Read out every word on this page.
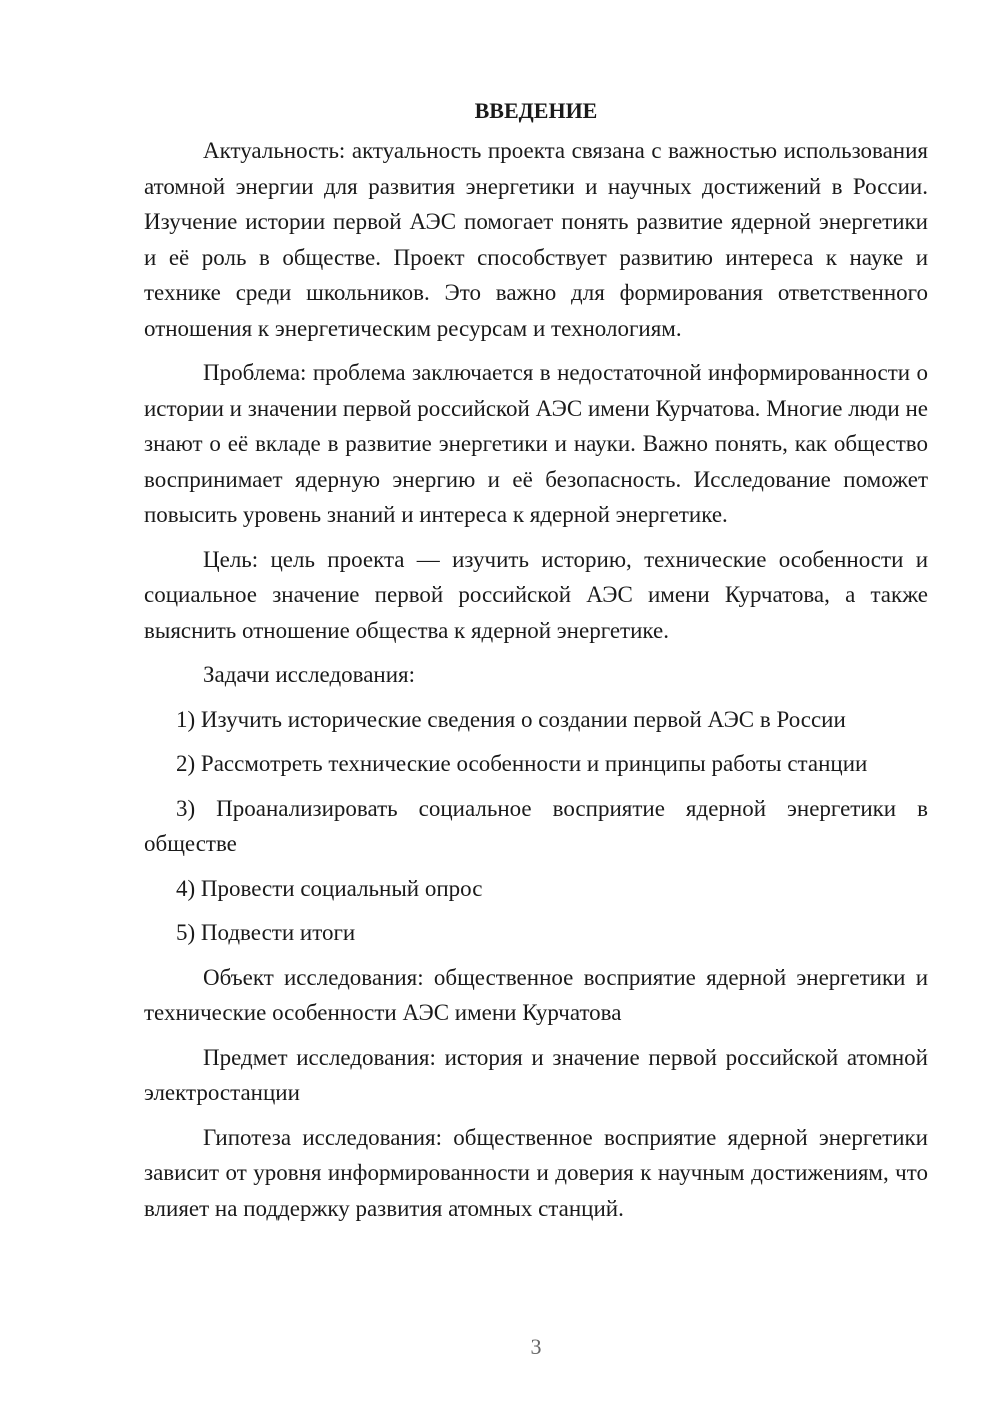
ВВЕДЕНИЕ

Актуальность: актуальность проекта связана с важностью использования атомной энергии для развития энергетики и научных достижений в России. Изучение истории первой АЭС помогает понять развитие ядерной энергетики и её роль в обществе. Проект способствует развитию интереса к науке и технике среди школьников. Это важно для формирования ответственного отношения к энергетическим ресурсам и технологиям.

Проблема: проблема заключается в недостаточной информированности о истории и значении первой российской АЭС имени Курчатова. Многие люди не знают о её вкладе в развитие энергетики и науки. Важно понять, как общество воспринимает ядерную энергию и её безопасность. Исследование поможет повысить уровень знаний и интереса к ядерной энергетике.

Цель: цель проекта — изучить историю, технические особенности и социальное значение первой российской АЭС имени Курчатова, а также выяснить отношение общества к ядерной энергетике.

Задачи исследования:

1) Изучить исторические сведения о создании первой АЭС в России

2) Рассмотреть технические особенности и принципы работы станции

3) Проанализировать социальное восприятие ядерной энергетики в обществе

4) Провести социальный опрос

5) Подвести итоги

Объект исследования: общественное восприятие ядерной энергетики и технические особенности АЭС имени Курчатова

Предмет исследования: история и значение первой российской атомной электростанции

Гипотеза исследования: общественное восприятие ядерной энергетики зависит от уровня информированности и доверия к научным достижениям, что влияет на поддержку развития атомных станций.

3
